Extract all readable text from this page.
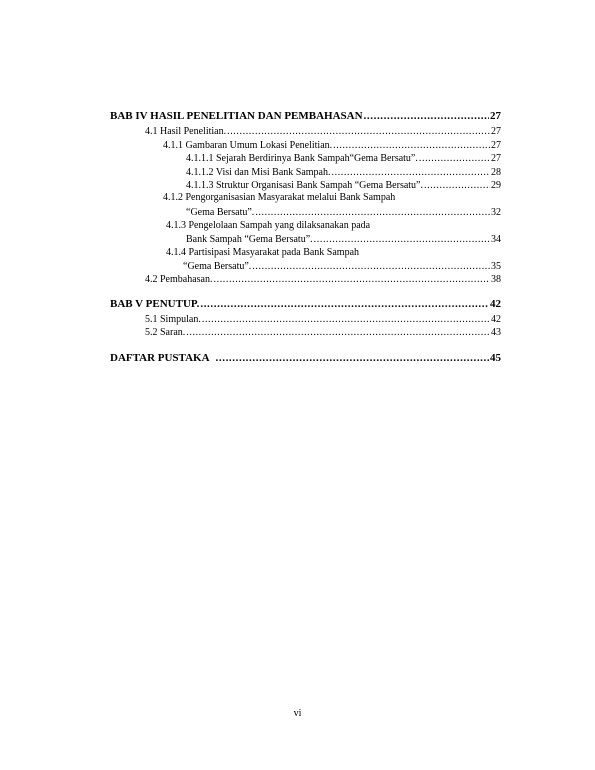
BAB IV HASIL PENELITIAN DAN PEMBAHASAN .....	27
4.1 Hasil Penelitian. .....	27
4.1.1 Gambaran Umum Lokasi Penelitian. .....	27
4.1.1.1 Sejarah Berdirinya Bank Sampah“Gema Bersatu”. .....	27
4.1.1.2 Visi dan Misi Bank Sampah. .....	28
4.1.1.3 Struktur Organisasi Bank Sampah “Gema Bersatu”. .....	29
4.1.2 Pengorganisasian Masyarakat melalui Bank Sampah
“Gema Bersatu”. .....	32
4.1.3 Pengelolaan Sampah yang dilaksanakan pada
Bank Sampah “Gema Bersatu”. .....	34
4.1.4 Partisipasi Masyarakat pada Bank Sampah
“Gema Bersatu”. .....	35
4.2 Pembahasan. .....	38
BAB V PENUTUP. .....	42
5.1 Simpulan. .....	42
5.2 Saran. .....	43
DAFTAR PUSTAKA .....	45
vi
